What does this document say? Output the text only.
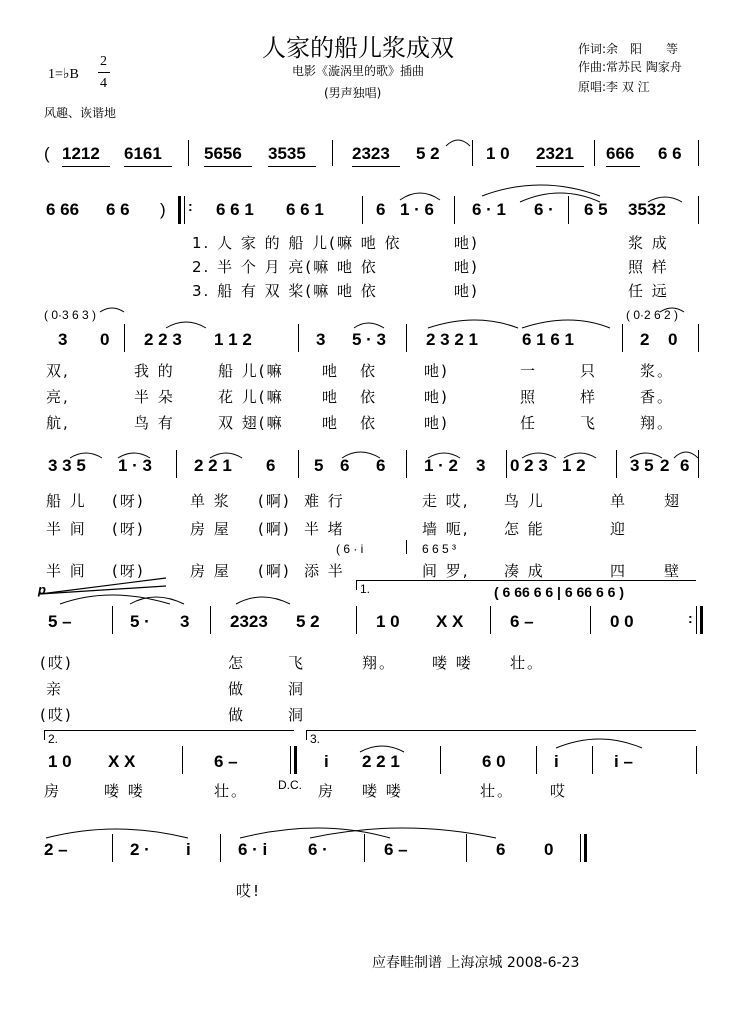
人家的船儿浆成双
电影《漩涡里的歌》插曲
(男声独唱)
1=♭B
2
4
风趣、诙谐地
作词:余　阳　　等
作曲:常苏民 陶家舟
原唱:李 双 江
( 1212 6161 5656 3535	2323 5 2	1 0 2321 666 6 6
6 66 6 6 ) : 6 6 1 6 6 1	6 1 · 6 6 · 1 6 · 6 5 3532
1. 人 家 的 船 儿(嘛 吔 依	吔)	浆 成
2. 半 个 月 亮(嘛 吔 依	吔)	照 样
3. 船 有 双 桨(嘛 吔 依	吔)	任 远
( 0·3 6 3 )	( 0·2 6 2 )
3 0 2 2 3 1 1 2	3 5 · 3 2 3 2 1	6 1 6 1	2 0
双,	我 的	船 儿(嘛	吔 依	吔)	一	只	浆。
亮,	半 朵	花 儿(嘛	吔 依	吔)	照	样	香。
航,	鸟 有	双 翅(嘛	吔 依	吔)	任	飞	翔。
3 3 5 1 · 3 2 2 1 6 5 6 6 1 · 2 3 0 2 3 1 2	3 5 2 6
船 儿 (呀)	单 浆 (啊) 难 行	走 哎, 鸟 儿	单 翅
半 间 (呀)	房 屋 (啊) 半 堵	墙 呃, 怎 能	迎
( 6 · i	6 6 5 ³
半 间 (呀)	房 屋 (啊) 添 半	间 罗, 凑 成	四 壁
p	1.	( 6 66 6 6 | 6 66 6 6 )
5 –	5 · 3 2323 5 2	1 0 X X	6 –	0 0	:
(哎)	怎	飞	翔。 喽 喽 壮。
亲	做	洞
(哎)	做	洞
2.	3.
1 0 X X	6 –	i 2 2 1	6 0	i	i –
房	喽 喽	壮。 D.C. 房 喽 喽	壮。 哎
2 –	2 · i	6 · i 6 ·	6 –	6 0
哎!
应春畦制谱 上海凉城 2008-6-23
